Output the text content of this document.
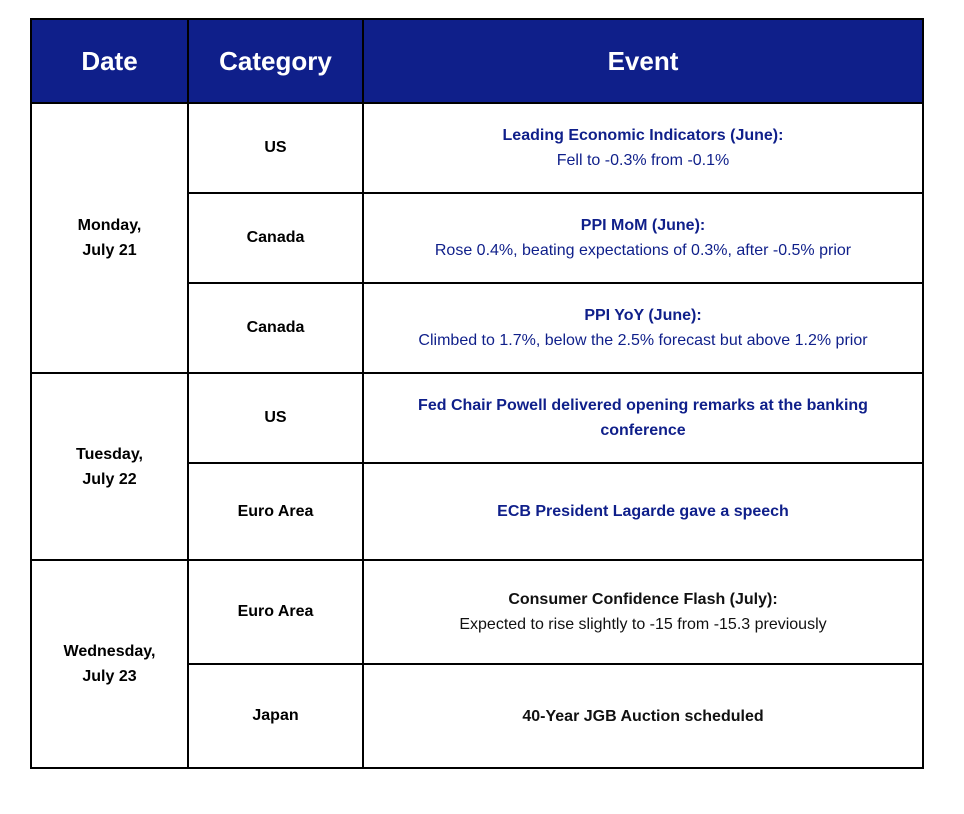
Date	Category	Event

Monday,
July 21	US	Leading Economic Indicators (June):
Fell to -0.3% from -0.1%

	Canada	PPI MoM (June):
Rose 0.4%, beating expectations of 0.3%, after -0.5% prior

	Canada	PPI YoY (June):
Climbed to 1.7%, below the 2.5% forecast but above 1.2% prior

Tuesday,
July 22	US	Fed Chair Powell delivered opening remarks at the banking conference

	Euro Area	ECB President Lagarde gave a speech

Wednesday,
July 23	Euro Area	Consumer Confidence Flash (July):
Expected to rise slightly to -15 from -15.3 previously

	Japan	40-Year JGB Auction scheduled
